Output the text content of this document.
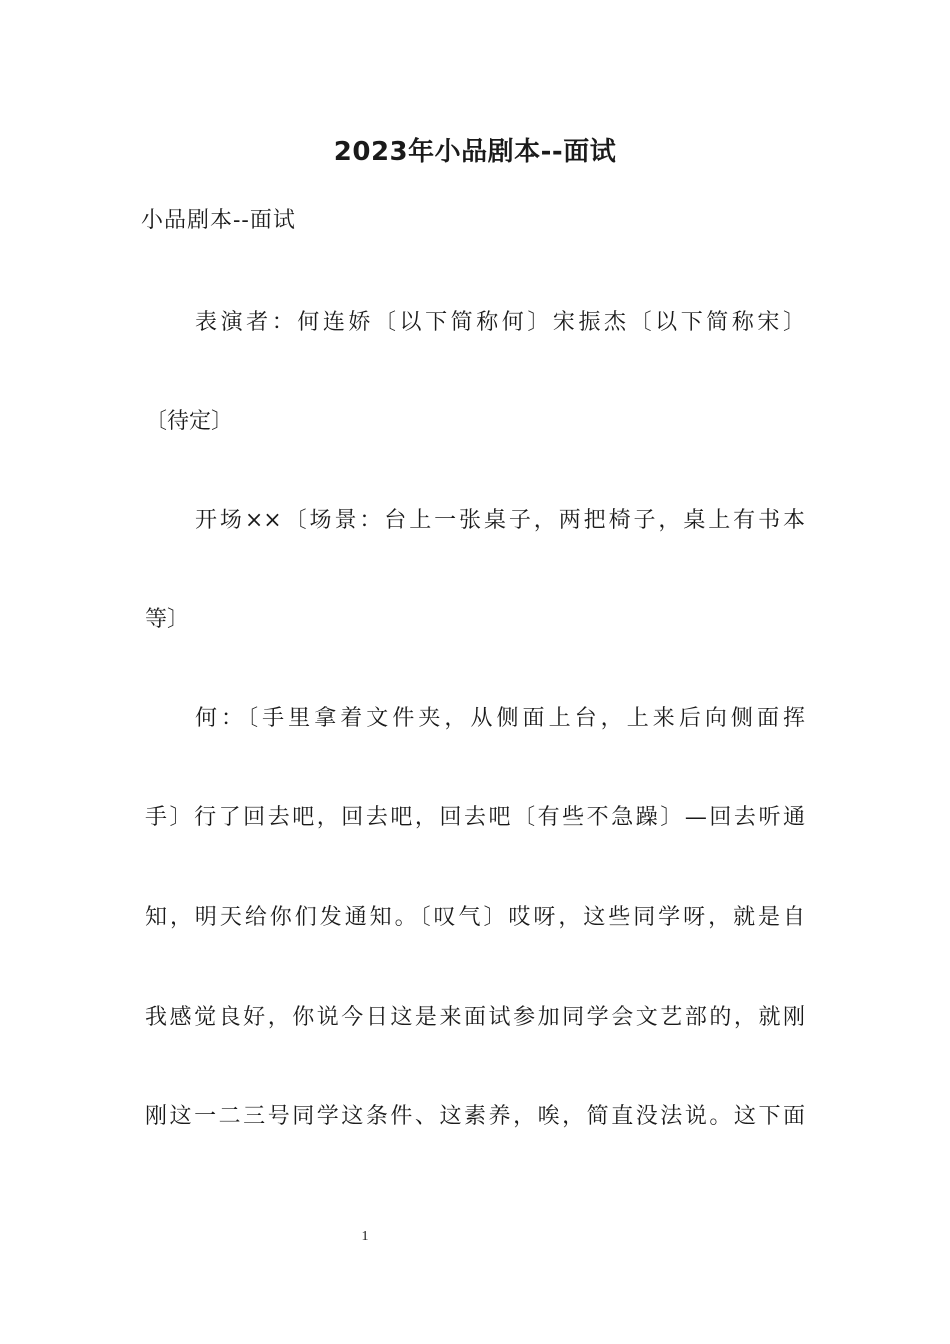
2023年小品剧本--面试
小品剧本--面试
表演者：何连娇〔以下简称何〕宋振杰〔以下简称宋〕
〔待定〕
开场××〔场景：台上一张桌子，两把椅子，桌上有书本
等〕
何：〔手里拿着文件夹，从侧面上台，上来后向侧面挥
手〕行了回去吧，回去吧，回去吧〔有些不急躁〕—回去听通
知，明天给你们发通知。〔叹气〕哎呀，这些同学呀，就是自
我感觉良好，你说今日这是来面试参加同学会文艺部的，就刚
刚这一二三号同学这条件、这素养，唉，简直没法说。这下面
1
